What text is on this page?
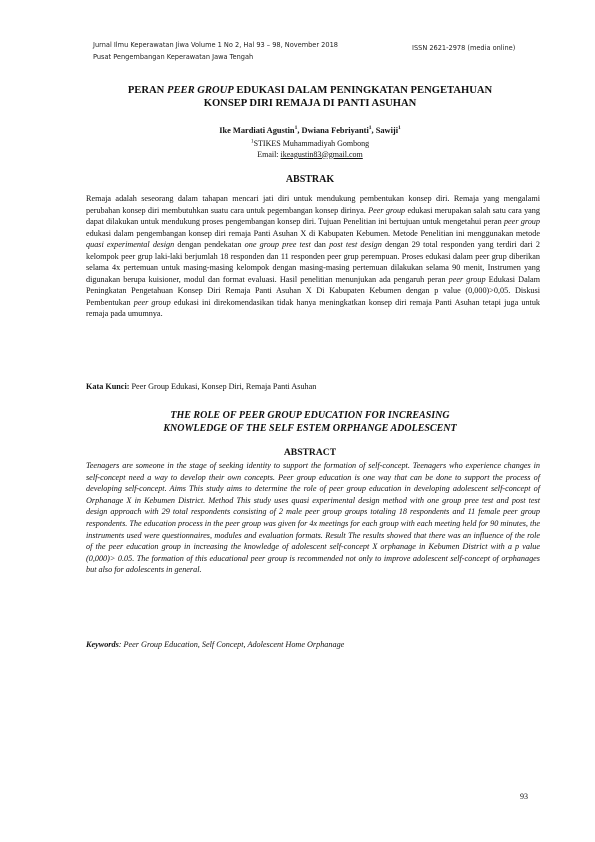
Jurnal Ilmu Keperawatan Jiwa Volume 1 No 2, Hal 93 – 98, November 2018
Pusat Pengembangan Keperawatan Jawa Tengah
ISSN 2621-2978 (media online)
PERAN PEER GROUP EDUKASI DALAM PENINGKATAN PENGETAHUAN
KONSEP DIRI REMAJA DI PANTI ASUHAN
Ike Mardiati Agustin$^1$, Dwiana Febriyanti$^1$, Sawiji$^1$
$^1$STIKES Muhammadiyah Gombong
Email: ikeagustin83@gmail.com
ABSTRAK
Remaja adalah seseorang dalam tahapan mencari jati diri untuk mendukung pembentukan konsep diri. Remaja yang mengalami perubahan konsep diri membutuhkan suatu cara untuk pegembangan konsep dirinya. Peer group edukasi merupakan salah satu cara yang dapat dilakukan untuk mendukung proses pengembangan konsep diri. Tujuan Penelitian ini bertujuan untuk mengetahui peran peer group edukasi dalam pengembangan konsep diri remaja Panti Asuhan X di Kabupaten Kebumen. Metode Penelitian ini menggunakan metode quasi experimental design dengan pendekatan one group pree test dan post test design dengan 29 total responden yang terdiri dari 2 kelompok peer grup laki-laki berjumlah 18 responden dan 11 responden peer grup perempuan. Proses edukasi dalam peer grup diberikan selama 4x pertemuan untuk masing-masing kelompok dengan masing-masing pertemuan dilakukan selama 90 menit, Instrumen yang digunakan berupa kuisioner, modul dan format evaluasi. Hasil penelitian menunjukan ada pengaruh peran peer group Edukasi Dalam Peningkatan Pengetahuan Konsep Diri Remaja Panti Asuhan X Di Kabupaten Kebumen dengan p value (0,000)>0,05. Diskusi Pembentukan peer group edukasi ini direkomendasikan tidak hanya meningkatkan konsep diri remaja Panti Asuhan tetapi juga untuk remaja pada umumnya.
Kata Kunci: Peer Group Edukasi, Konsep Diri, Remaja Panti Asuhan
THE ROLE OF PEER GROUP EDUCATION FOR INCREASING
KNOWLEDGE OF THE SELF ESTEM ORPHANGE ADOLESCENT
ABSTRACT
Teenagers are someone in the stage of seeking identity to support the formation of self-concept. Teenagers who experience changes in self-concept need a way to develop their own concepts. Peer group education is one way that can be done to support the process of developing self-concept. Aims This study aims to determine the role of peer group education in developing adolescent self-concept of Orphanage X in Kebumen District. Method This study uses quasi experimental design method with one group pree test and post test design approach with 29 total respondents consisting of 2 male peer group groups totaling 18 respondents and 11 female peer group respondents. The education process in the peer group was given for 4x meetings for each group with each meeting held for 90 minutes, the instruments used were questionnaires, modules and evaluation formats. Result The results showed that there was an influence of the role of the peer education group in increasing the knowledge of adolescent self-concept X orphanage in Kebumen District with a p value (0,000)> 0.05. The formation of this educational peer group is recommended not only to improve adolescent self-concept of orphanages but also for adolescents in general.
Keywords: Peer Group Education, Self Concept, Adolescent Home Orphanage
93
